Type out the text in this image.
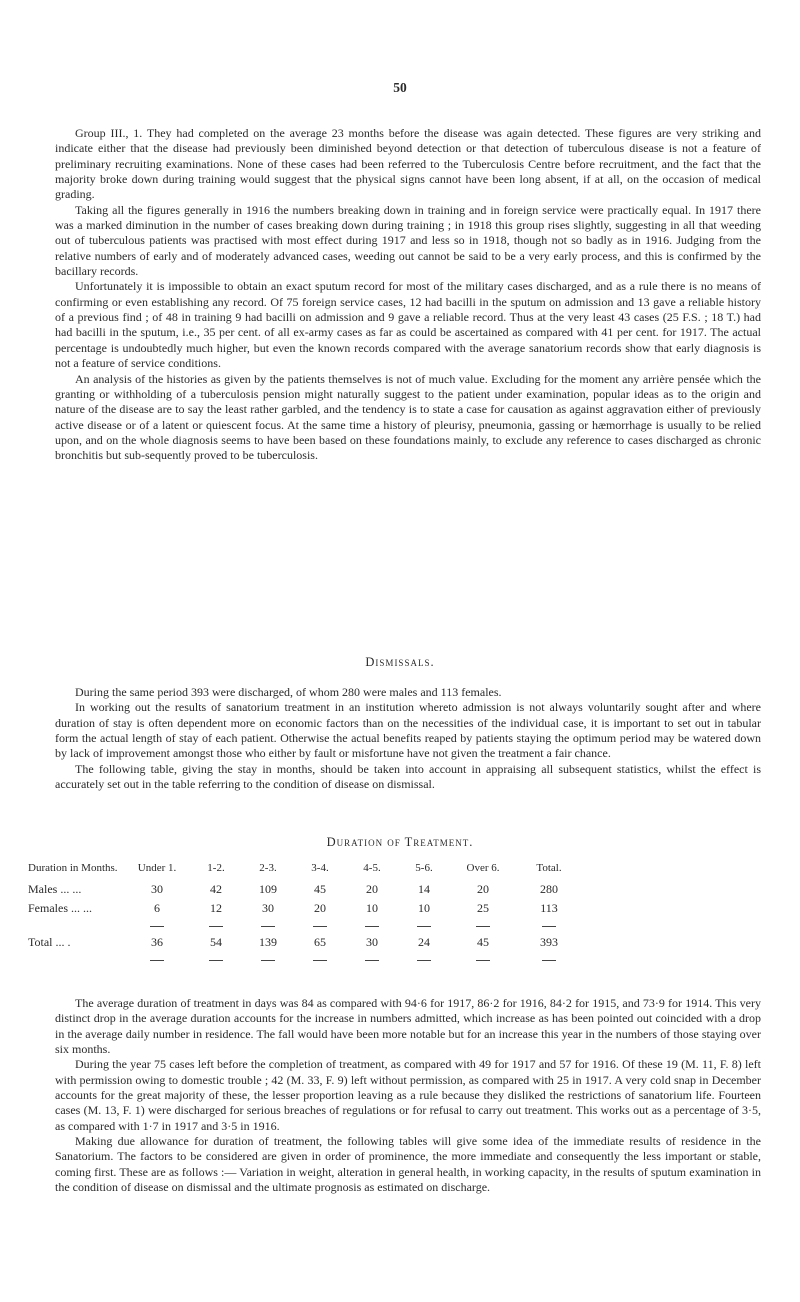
50

Group III., 1. They had completed on the average 23 months before the disease was again detected. These figures are very striking and indicate either that the disease had previously been diminished beyond detection or that detection of tuberculous disease is not a feature of preliminary recruiting examinations. None of these cases had been referred to the Tuberculosis Centre before recruitment, and the fact that the majority broke down during training would suggest that the physical signs cannot have been long absent, if at all, on the occasion of medical grading.

Taking all the figures generally in 1916 the numbers breaking down in training and in foreign service were practically equal. In 1917 there was a marked diminution in the number of cases breaking down during training ; in 1918 this group rises slightly, suggesting in all that weeding out of tuberculous patients was practised with most effect during 1917 and less so in 1918, though not so badly as in 1916. Judging from the relative numbers of early and of moderately advanced cases, weeding out cannot be said to be a very early process, and this is confirmed by the bacillary records.

Unfortunately it is impossible to obtain an exact sputum record for most of the military cases discharged, and as a rule there is no means of confirming or even establishing any record. Of 75 foreign service cases, 12 had bacilli in the sputum on admission and 13 gave a reliable history of a previous find ; of 48 in training 9 had bacilli on admission and 9 gave a reliable record. Thus at the very least 43 cases (25 F.S. ; 18 T.) had had bacilli in the sputum, i.e., 35 per cent. of all ex-army cases as far as could be ascertained as compared with 41 per cent. for 1917. The actual percentage is undoubtedly much higher, but even the known records compared with the average sanatorium records show that early diagnosis is not a feature of service conditions.

An analysis of the histories as given by the patients themselves is not of much value. Excluding for the moment any arrière pensée which the granting or withholding of a tuberculosis pension might naturally suggest to the patient under examination, popular ideas as to the origin and nature of the disease are to say the least rather garbled, and the tendency is to state a case for causation as against aggravation either of previously active disease or of a latent or quiescent focus. At the same time a history of pleurisy, pneumonia, gassing or hæmorrhage is usually to be relied upon, and on the whole diagnosis seems to have been based on these foundations mainly, to exclude any reference to cases discharged as chronic bronchitis but sub-sequently proved to be tuberculosis.

Dismissals.

During the same period 393 were discharged, of whom 280 were males and 113 females.

In working out the results of sanatorium treatment in an institution whereto admission is not always voluntarily sought after and where duration of stay is often dependent more on economic factors than on the necessities of the individual case, it is important to set out in tabular form the actual length of stay of each patient. Otherwise the actual benefits reaped by patients staying the optimum period may be watered down by lack of improvement amongst those who either by fault or misfortune have not given the treatment a fair chance.

The following table, giving the stay in months, should be taken into account in appraising all subsequent statistics, whilst the effect is accurately set out in the table referring to the condition of disease on dismissal.

Duration of Treatment.
Duration in Months.	Under 1.	1-2.	2-3.	3-4.	4-5.	5-6.	Over 6.	Total.
Males ... ...	30	42	109	45	20	14	20	280
Females ... ...	6	12	30	20	10	10	25	113

Total ... .	36	54	139	65	30	24	45	393

The average duration of treatment in days was 84 as compared with 94·6 for 1917, 86·2 for 1916, 84·2 for 1915, and 73·9 for 1914. This very distinct drop in the average duration accounts for the increase in numbers admitted, which increase as has been pointed out coincided with a drop in the average daily number in residence. The fall would have been more notable but for an increase this year in the numbers of those staying over six months.

During the year 75 cases left before the completion of treatment, as compared with 49 for 1917 and 57 for 1916. Of these 19 (M. 11, F. 8) left with permission owing to domestic trouble ; 42 (M. 33, F. 9) left without permission, as compared with 25 in 1917. A very cold snap in December accounts for the great majority of these, the lesser proportion leaving as a rule because they disliked the restrictions of sanatorium life. Fourteen cases (M. 13, F. 1) were discharged for serious breaches of regulations or for refusal to carry out treatment. This works out as a percentage of 3·5, as compared with 1·7 in 1917 and 3·5 in 1916.

Making due allowance for duration of treatment, the following tables will give some idea of the immediate results of residence in the Sanatorium. The factors to be considered are given in order of prominence, the more immediate and consequently the less important or stable, coming first. These are as follows :— Variation in weight, alteration in general health, in working capacity, in the results of sputum examination in the condition of disease on dismissal and the ultimate prognosis as estimated on discharge.
